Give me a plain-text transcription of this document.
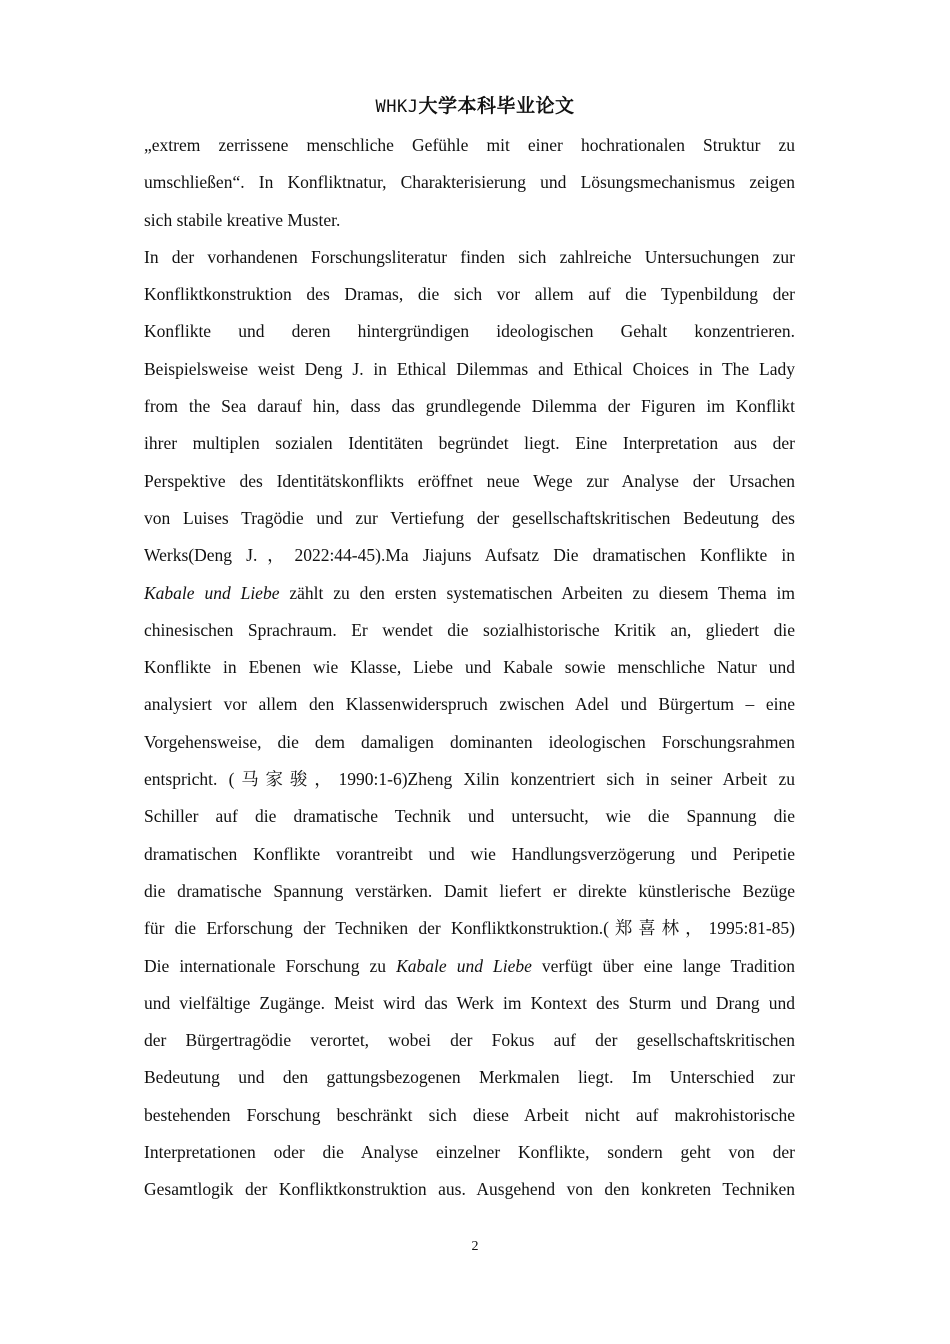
WHKJ大学本科毕业论文
„extrem zerrissene menschliche Gefühle mit einer hochrationalen Struktur zu
umschließen“. In Konfliktnatur, Charakterisierung und Lösungsmechanismus zeigen
sich stabile kreative Muster.
In der vorhandenen Forschungsliteratur finden sich zahlreiche Untersuchungen zur
Konfliktkonstruktion des Dramas, die sich vor allem auf die Typenbildung der
Konflikte und deren hintergründigen ideologischen Gehalt konzentrieren.
Beispielsweise weist Deng J. in Ethical Dilemmas and Ethical Choices in The Lady
from the Sea darauf hin, dass das grundlegende Dilemma der Figuren im Konflikt
ihrer multiplen sozialen Identitäten begründet liegt. Eine Interpretation aus der
Perspektive des Identitätskonflikts eröffnet neue Wege zur Analyse der Ursachen
von Luises Tragödie und zur Vertiefung der gesellschaftskritischen Bedeutung des
Werks(Deng J.，2022:44-45).Ma Jiajuns Aufsatz Die dramatischen Konflikte in
Kabale und Liebe zählt zu den ersten systematischen Arbeiten zu diesem Thema im
chinesischen Sprachraum. Er wendet die sozialhistorische Kritik an, gliedert die
Konflikte in Ebenen wie Klasse, Liebe und Kabale sowie menschliche Natur und
analysiert vor allem den Klassenwiderspruch zwischen Adel und Bürgertum – eine
Vorgehensweise, die dem damaligen dominanten ideologischen Forschungsrahmen
entspricht. (马家骏，1990:1-6)Zheng Xilin konzentriert sich in seiner Arbeit zu
Schiller auf die dramatische Technik und untersucht, wie die Spannung die
dramatischen Konflikte vorantreibt und wie Handlungsverzögerung und Peripetie
die dramatische Spannung verstärken. Damit liefert er direkte künstlerische Bezüge
für die Erforschung der Techniken der Konfliktkonstruktion.(郑喜林，1995:81-85)
Die internationale Forschung zu Kabale und Liebe verfügt über eine lange Tradition
und vielfältige Zugänge. Meist wird das Werk im Kontext des Sturm und Drang und
der Bürgertragödie verortet, wobei der Fokus auf der gesellschaftskritischen
Bedeutung und den gattungsbezogenen Merkmalen liegt. Im Unterschied zur
bestehenden Forschung beschränkt sich diese Arbeit nicht auf makrohistorische
Interpretationen oder die Analyse einzelner Konflikte, sondern geht von der
Gesamtlogik der Konfliktkonstruktion aus. Ausgehend von den konkreten Techniken
2
